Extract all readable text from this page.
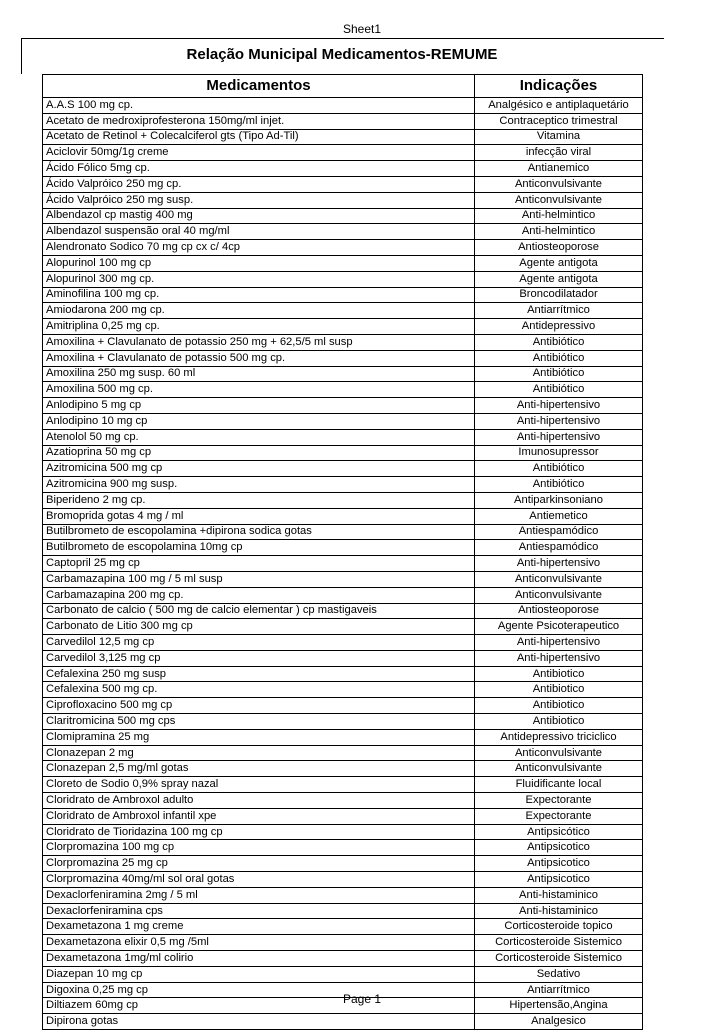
Sheet1
Relação Municipal Medicamentos-REMUME
Medicamentos	Indicações
A.A.S 100 mg cp.	Analgésico e antiplaquetário
Acetato de medroxiprofesterona 150mg/ml injet.	Contraceptico trimestral
Acetato de Retinol + Colecalciferol gts (Tipo Ad-Til)	Vitamina
Aciclovir 50mg/1g creme	infecção viral
Ácido Fólico 5mg cp.	Antianemico
Ácido Valpróico 250 mg cp.	Anticonvulsivante
Ácido Valpróico 250 mg susp.	Anticonvulsivante
Albendazol cp mastig 400 mg	Anti-helmintico
Albendazol suspensão oral 40 mg/ml	Anti-helmintico
Alendronato Sodico 70 mg cp cx c/ 4cp	Antiosteoporose
Alopurinol 100 mg cp	Agente antigota
Alopurinol 300 mg cp.	Agente antigota
Aminofilina 100 mg cp.	Broncodilatador
Amiodarona 200 mg cp.	Antiarrítmico
Amitriplina 0,25 mg cp.	Antidepressivo
Amoxilina + Clavulanato de potassio 250 mg + 62,5/5 ml susp	Antibiótico
Amoxilina + Clavulanato de potassio 500 mg cp.	Antibiótico
Amoxilina 250 mg susp. 60 ml	Antibiótico
Amoxilina 500 mg cp.	Antibiótico
Anlodipino 5 mg cp	Anti-hipertensivo
Anlodipino 10 mg cp	Anti-hipertensivo
Atenolol 50 mg cp.	Anti-hipertensivo
Azatioprina 50 mg cp	Imunosupressor
Azitromicina 500 mg cp	Antibiótico
Azitromicina 900 mg susp.	Antibiótico
Biperideno 2 mg cp.	Antiparkinsoniano
Bromoprida gotas 4 mg / ml	Antiemetico
Butilbrometo de escopolamina +dipirona sodica gotas	Antiespamódico
Butilbrometo de escopolamina 10mg cp	Antiespamódico
Captopril 25 mg cp	Anti-hipertensivo
Carbamazapina 100 mg / 5 ml susp	Anticonvulsivante
Carbamazapina 200 mg cp.	Anticonvulsivante
Carbonato de calcio ( 500 mg de calcio elementar ) cp mastigaveis	Antiosteoporose
Carbonato de Litio 300 mg cp	Agente Psicoterapeutico
Carvedilol 12,5 mg cp	Anti-hipertensivo
Carvedilol 3,125 mg cp	Anti-hipertensivo
Cefalexina 250 mg susp	Antibiotico
Cefalexina 500 mg cp.	Antibiotico
Ciprofloxacino 500 mg cp	Antibiotico
Claritromicina 500 mg cps	Antibiotico
Clomipramina 25 mg	Antidepressivo triciclico
Clonazepan 2 mg	Anticonvulsivante
Clonazepan 2,5 mg/ml gotas	Anticonvulsivante
Cloreto de Sodio 0,9% spray nazal	Fluidificante local
Cloridrato de Ambroxol adulto	Expectorante
Cloridrato de Ambroxol infantil xpe	Expectorante
Cloridrato de Tioridazina 100 mg cp	Antipsicótico
Clorpromazina 100 mg cp	Antipsicotico
Clorpromazina 25 mg cp	Antipsicotico
Clorpromazina 40mg/ml sol oral gotas	Antipsicotico
Dexaclorfeniramina 2mg / 5 ml	Anti-histaminico
Dexaclorfeniramina cps	Anti-histaminico
Dexametazona 1 mg creme	Corticosteroide topico
Dexametazona elixir 0,5 mg /5ml	Corticosteroide Sistemico
Dexametazona 1mg/ml colirio	Corticosteroide Sistemico
Diazepan 10 mg cp	Sedativo
Digoxina 0,25 mg cp	Antiarrítmico
Diltiazem 60mg cp	Hipertensão,Angina
Dipirona gotas	Analgesico
Page 1
